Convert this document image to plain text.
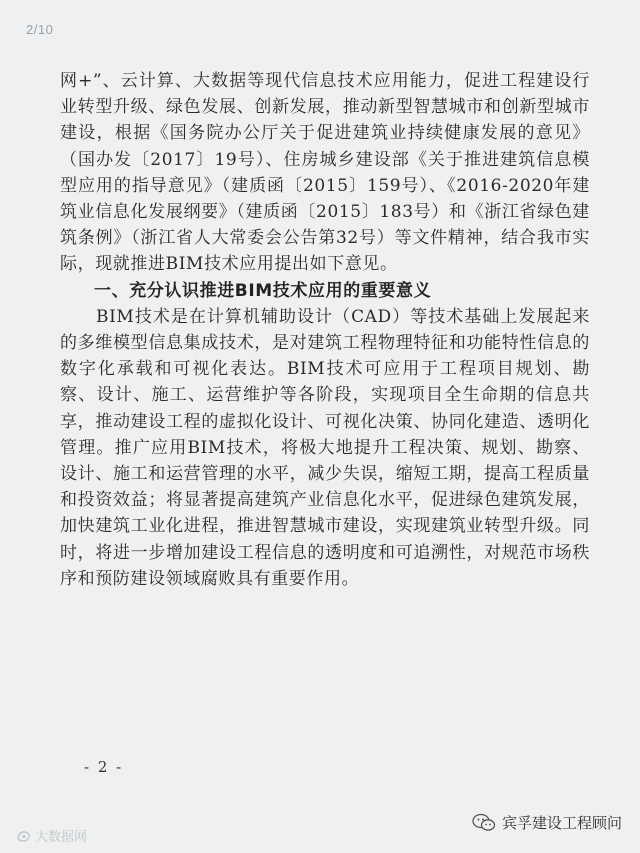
2/10

网+”、云计算、大数据等现代信息技术应用能力，促进工程建设行业转型升级、绿色发展、创新发展，推动新型智慧城市和创新型城市建设，根据《国务院办公厅关于促进建筑业持续健康发展的意见》（国办发〔2017〕19号）、住房城乡建设部《关于推进建筑信息模型应用的指导意见》（建质函〔2015〕159号）、《2016-2020年建筑业信息化发展纲要》（建质函〔2015〕183号）和《浙江省绿色建筑条例》（浙江省人大常委会公告第32号）等文件精神，结合我市实际，现就推进BIM技术应用提出如下意见。

一、充分认识推进BIM技术应用的重要意义

BIM技术是在计算机辅助设计（CAD）等技术基础上发展起来的多维模型信息集成技术，是对建筑工程物理特征和功能特性信息的数字化承载和可视化表达。BIM技术可应用于工程项目规划、勘察、设计、施工、运营维护等各阶段，实现项目全生命期的信息共享，推动建设工程的虚拟化设计、可视化决策、协同化建造、透明化管理。推广应用BIM技术，将极大地提升工程决策、规划、勘察、设计、施工和运营管理的水平，减少失误，缩短工期，提高工程质量和投资效益；将显著提高建筑产业信息化水平，促进绿色建筑发展，加快建筑工业化进程，推进智慧城市建设，实现建筑业转型升级。同时，将进一步增加建设工程信息的透明度和可追溯性，对规范市场秩序和预防建设领域腐败具有重要作用。

- 2 -
大数据网
宾孚建设工程顾问
